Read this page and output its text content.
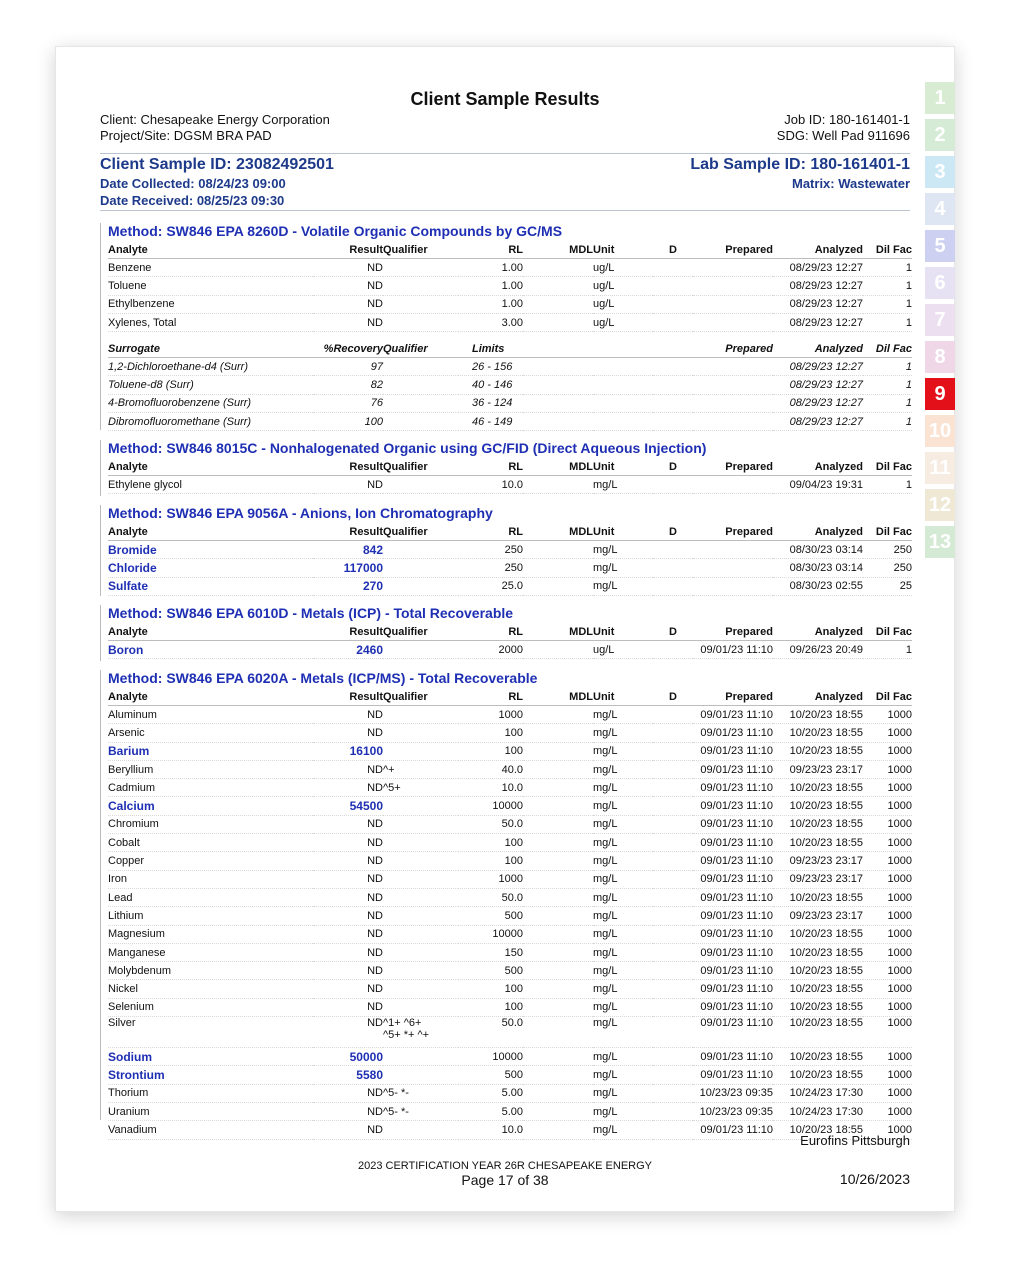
Client Sample Results
Client: Chesapeake Energy Corporation
Project/Site: DGSM BRA PAD
Job ID: 180-161401-1
SDG: Well Pad 911696
Client Sample ID: 23082492501
Date Collected: 08/24/23 09:00
Date Received: 08/25/23 09:30
Lab Sample ID: 180-161401-1
Matrix: Wastewater
Method: SW846 EPA 8260D - Volatile Organic Compounds by GC/MS
Analyte	Result	Qualifier	RL	MDL	Unit	D	Prepared	Analyzed	Dil Fac
Benzene	ND		1.00		ug/L			08/29/23 12:27	1
Toluene	ND		1.00		ug/L			08/29/23 12:27	1
Ethylbenzene	ND		1.00		ug/L			08/29/23 12:27	1
Xylenes, Total	ND		3.00		ug/L			08/29/23 12:27	1
Surrogate	%Recovery	Qualifier	Limits				Prepared	Analyzed	Dil Fac
1,2-Dichloroethane-d4 (Surr)	97		26 - 156					08/29/23 12:27	1
Toluene-d8 (Surr)	82		40 - 146					08/29/23 12:27	1
4-Bromofluorobenzene (Surr)	76		36 - 124					08/29/23 12:27	1
Dibromofluoromethane (Surr)	100		46 - 149					08/29/23 12:27	1
Method: SW846 8015C - Nonhalogenated Organic using GC/FID (Direct Aqueous Injection)
Analyte	Result	Qualifier	RL	MDL	Unit	D	Prepared	Analyzed	Dil Fac
Ethylene glycol	ND		10.0		mg/L			09/04/23 19:31	1
Method: SW846 EPA 9056A - Anions, Ion Chromatography
Analyte	Result	Qualifier	RL	MDL	Unit	D	Prepared	Analyzed	Dil Fac
Bromide	842		250		mg/L			08/30/23 03:14	250
Chloride	117000		250		mg/L			08/30/23 03:14	250
Sulfate	270		25.0		mg/L			08/30/23 02:55	25
Method: SW846 EPA 6010D - Metals (ICP) - Total Recoverable
Analyte	Result	Qualifier	RL	MDL	Unit	D	Prepared	Analyzed	Dil Fac
Boron	2460		2000		ug/L		09/01/23 11:10	09/26/23 20:49	1
Method: SW846 EPA 6020A - Metals (ICP/MS) - Total Recoverable
Analyte	Result	Qualifier	RL	MDL	Unit	D	Prepared	Analyzed	Dil Fac
Aluminum	ND		1000		mg/L		09/01/23 11:10	10/20/23 18:55	1000
Arsenic	ND		100		mg/L		09/01/23 11:10	10/20/23 18:55	1000
Barium	16100		100		mg/L		09/01/23 11:10	10/20/23 18:55	1000
Beryllium	ND	^+	40.0		mg/L		09/01/23 11:10	09/23/23 23:17	1000
Cadmium	ND	^5+	10.0		mg/L		09/01/23 11:10	10/20/23 18:55	1000
Calcium	54500		10000		mg/L		09/01/23 11:10	10/20/23 18:55	1000
Chromium	ND		50.0		mg/L		09/01/23 11:10	10/20/23 18:55	1000
Cobalt	ND		100		mg/L		09/01/23 11:10	10/20/23 18:55	1000
Copper	ND		100		mg/L		09/01/23 11:10	09/23/23 23:17	1000
Iron	ND		1000		mg/L		09/01/23 11:10	09/23/23 23:17	1000
Lead	ND		50.0		mg/L		09/01/23 11:10	10/20/23 18:55	1000
Lithium	ND		500		mg/L		09/01/23 11:10	09/23/23 23:17	1000
Magnesium	ND		10000		mg/L		09/01/23 11:10	10/20/23 18:55	1000
Manganese	ND		150		mg/L		09/01/23 11:10	10/20/23 18:55	1000
Molybdenum	ND		500		mg/L		09/01/23 11:10	10/20/23 18:55	1000
Nickel	ND		100		mg/L		09/01/23 11:10	10/20/23 18:55	1000
Selenium	ND		100		mg/L		09/01/23 11:10	10/20/23 18:55	1000
Silver	ND	^1+ ^6+
^5+ *+ ^+	50.0		mg/L		09/01/23 11:10	10/20/23 18:55	1000
Sodium	50000		10000		mg/L		09/01/23 11:10	10/20/23 18:55	1000
Strontium	5580		500		mg/L		09/01/23 11:10	10/20/23 18:55	1000
Thorium	ND	^5- *-	5.00		mg/L		10/23/23 09:35	10/24/23 17:30	1000
Uranium	ND	^5- *-	5.00		mg/L		10/23/23 09:35	10/24/23 17:30	1000
Vanadium	ND		10.0		mg/L		09/01/23 11:10	10/20/23 18:55	1000
Eurofins Pittsburgh
2023 CERTIFICATION YEAR 26R CHESAPEAKE ENERGY
Page 17 of 38	10/26/2023
1
2
3
4
5
6
7
8
9
10
11
12
13
